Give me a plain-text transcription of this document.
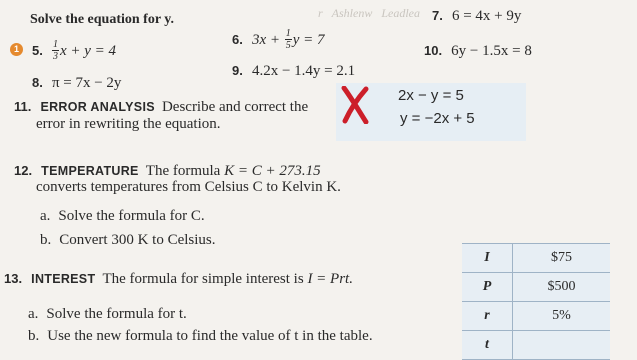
r   Ashlenw   Leadlea
Solve the equation for y.	7. 6 = 4x + 9y
6. $3x + \frac{1}{5}$ y = 7
1	5. $\frac{1}{3}$ x + y = 4	10. 6y − 1.5x = 8
9. 4.2x − 1.4y = 2.1
8. π = 7x − 2y
11. ERROR ANALYSIS Describe and correct the
error in rewriting the equation.
2x − y = 5
y = −2x + 5
12. TEMPERATURE The formula K = C + 273.15
converts temperatures from Celsius C to Kelvin K.
a. Solve the formula for C.
b. Convert 300 K to Celsius.
13. INTEREST The formula for simple interest is I = Prt.
a. Solve the formula for t.
b. Use the new formula to find the value of t in the table.
I	$75
P	$500
r	5%
t	
